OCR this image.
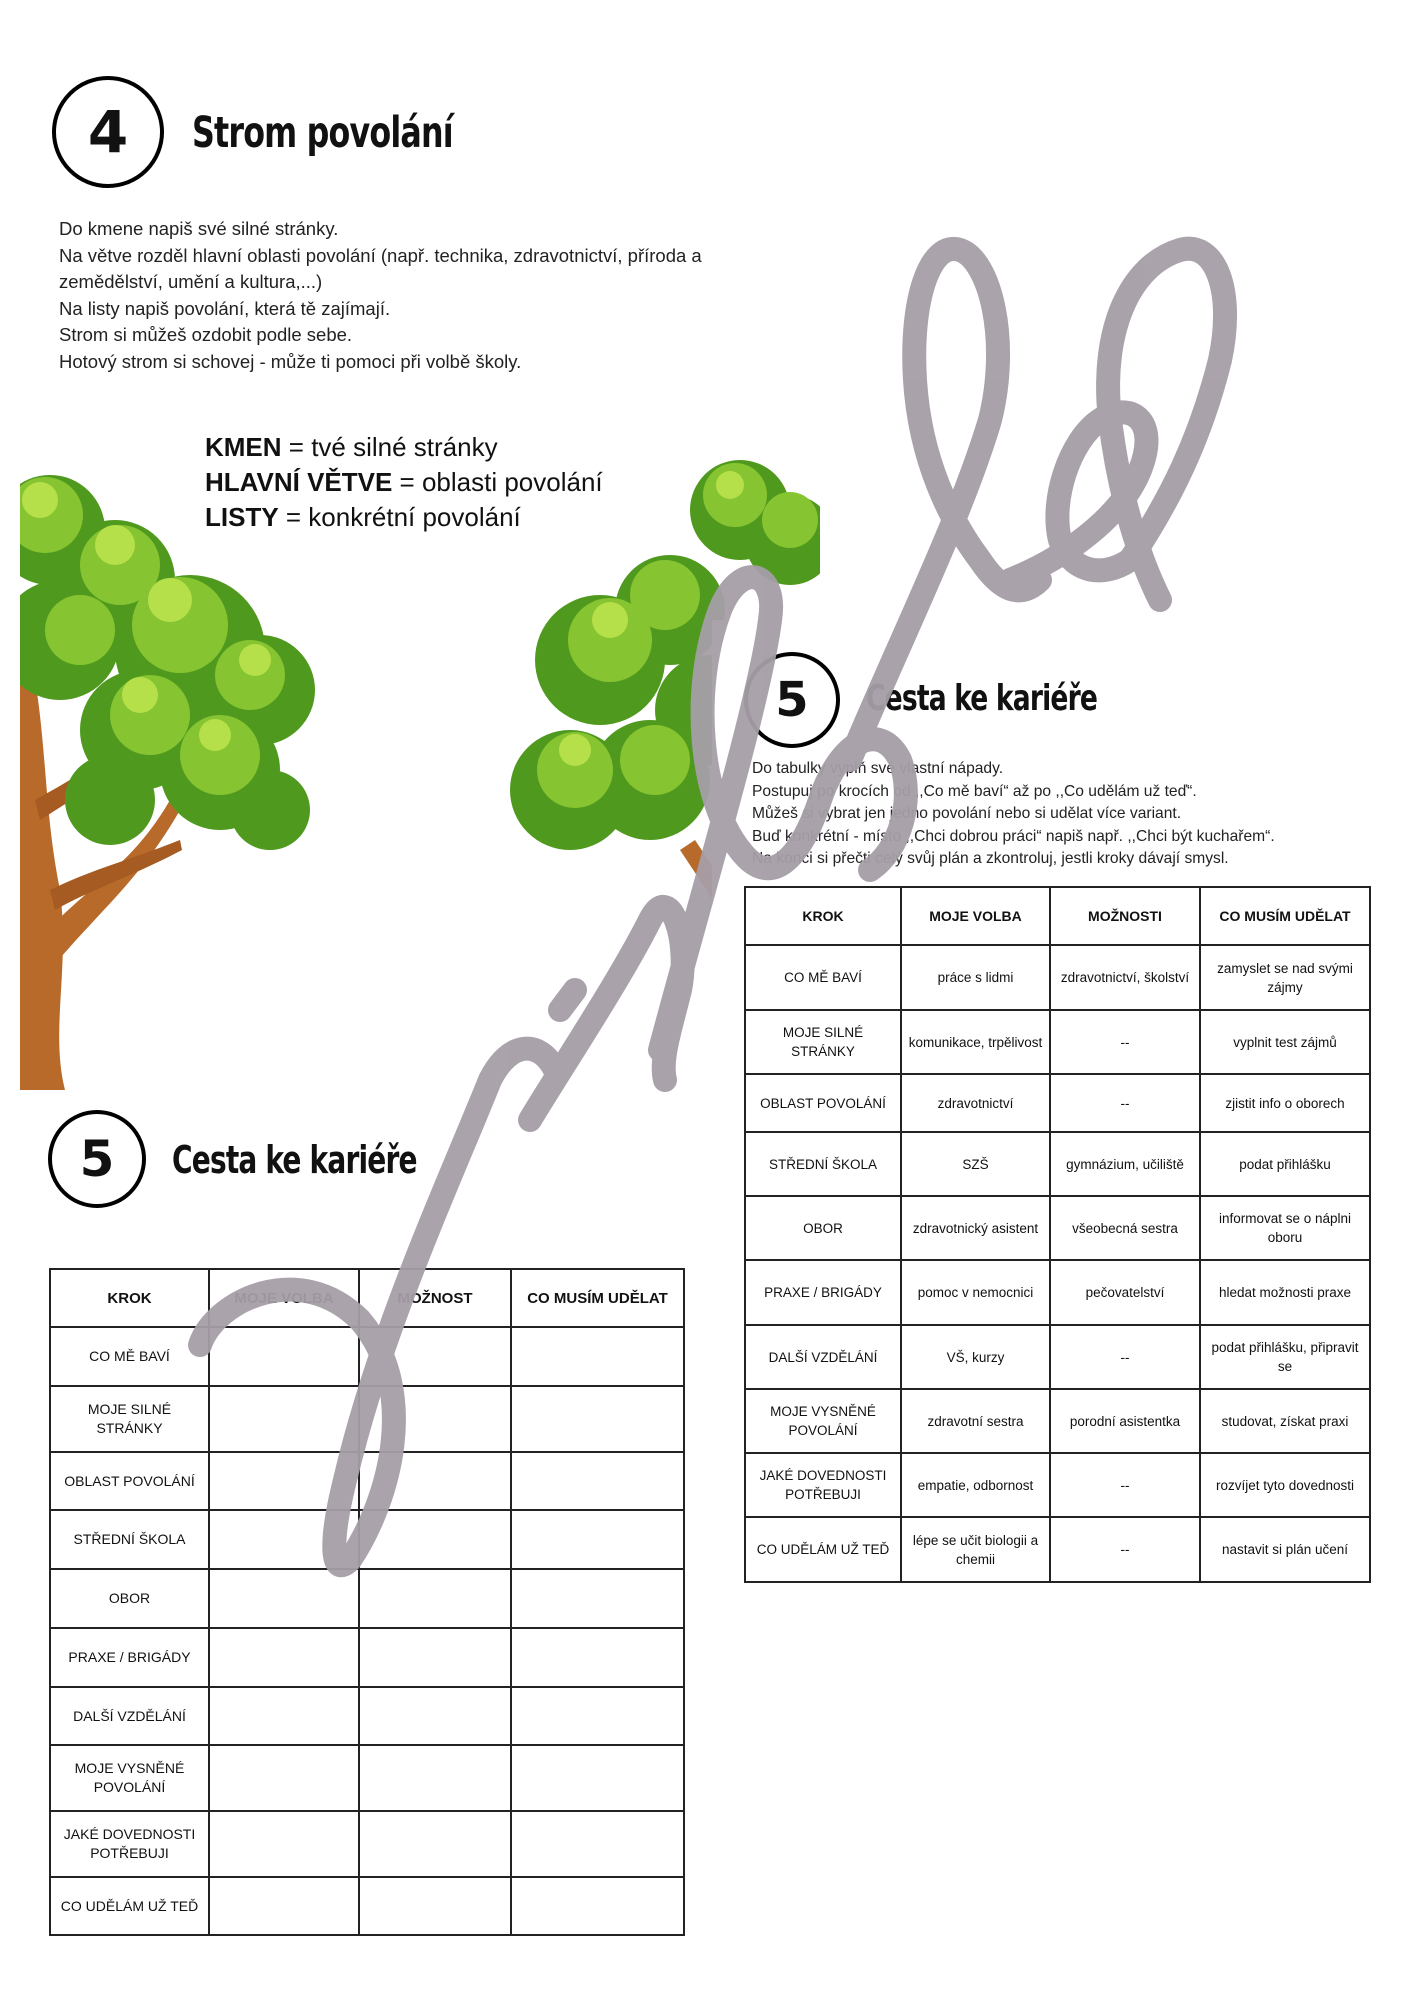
4	Strom povolání
Do kmene napiš své silné stránky.
Na větve rozděl hlavní oblasti povolání (např. technika, zdravotnictví, příroda a
zemědělství, umění a kultura,...)
Na listy napiš povolání, která tě zajímají.
Strom si můžeš ozdobit podle sebe.
Hotový strom si schovej - může ti pomoci při volbě školy.
KMEN = tvé silné stránky
HLAVNÍ VĚTVE = oblasti povolání
LISTY = konkrétní povolání
5	Cesta ke kariéře
KROK	MOJE VOLBA	MOŽNOST	CO MUSÍM UDĚLAT
CO MĚ BAVÍ			
MOJE SILNÉ STRÁNKY			
OBLAST POVOLÁNÍ			
STŘEDNÍ ŠKOLA			
OBOR			
PRAXE / BRIGÁDY			
DALŠÍ VZDĚLÁNÍ			
MOJE VYSNĚNÉ POVOLÁNÍ			
JAKÉ DOVEDNOSTI POTŘEBUJI			
CO UDĚLÁM UŽ TEĎ			
5	Cesta ke kariéře
Do tabulky vyplň své vlastní nápady.
Postupuj po krocích od ,,Co mě baví“ až po ,,Co udělám už teď“.
Můžeš si vybrat jen jedno povolání nebo si udělat více variant.
Buď konkrétní - místo ,,Chci dobrou práci“ napiš např. ,,Chci být kuchařem“.
Na konci si přečti celý svůj plán a zkontroluj, jestli kroky dávají smysl.
KROK	MOJE VOLBA	MOŽNOSTI	CO MUSÍM UDĚLAT
CO MĚ BAVÍ	práce s lidmi	zdravotnictví, školství	zamyslet se nad svými zájmy
MOJE SILNÉ STRÁNKY	komunikace, trpělivost	--	vyplnit test zájmů
OBLAST POVOLÁNÍ	zdravotnictví	--	zjistit info o oborech
STŘEDNÍ ŠKOLA	SZŠ	gymnázium, učiliště	podat přihlášku
OBOR	zdravotnický asistent	všeobecná sestra	informovat se o náplni oboru
PRAXE / BRIGÁDY	pomoc v nemocnici	pečovatelství	hledat možnosti praxe
DALŠÍ VZDĚLÁNÍ	VŠ, kurzy	--	podat přihlášku, připravit se
MOJE VYSNĚNÉ POVOLÁNÍ	zdravotní sestra	porodní asistentka	studovat, získat praxi
JAKÉ DOVEDNOSTI POTŘEBUJI	empatie, odbornost	--	rozvíjet tyto dovednosti
CO UDĚLÁM UŽ TEĎ	lépe se učit biologii a chemii	--	nastavit si plán učení
